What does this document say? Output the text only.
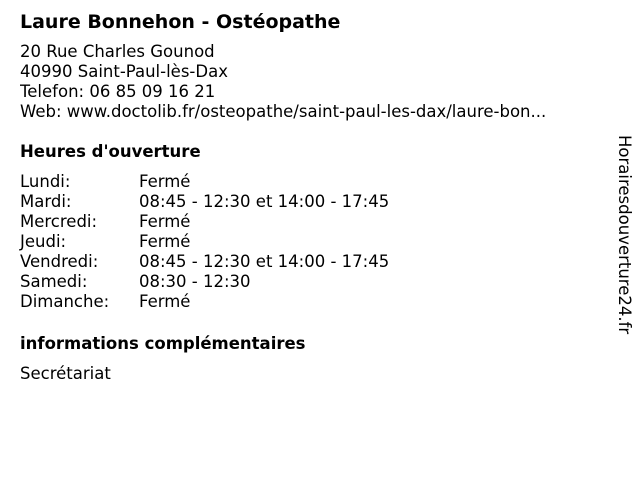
Laure Bonnehon - Ostéopathe
20 Rue Charles Gounod
40990 Saint-Paul-lès-Dax
Telefon: 06 85 09 16 21
Web: www.doctolib.fr/osteopathe/saint-paul-les-dax/laure-bon...
Heures d'ouverture
Lundi:	Fermé
Mardi:	08:45 - 12:30 et 14:00 - 17:45
Mercredi:	Fermé
Jeudi:	Fermé
Vendredi:	08:45 - 12:30 et 14:00 - 17:45
Samedi:	08:30 - 12:30
Dimanche:	Fermé
informations complémentaires
Secrétariat
Horairesdouverture24.fr
